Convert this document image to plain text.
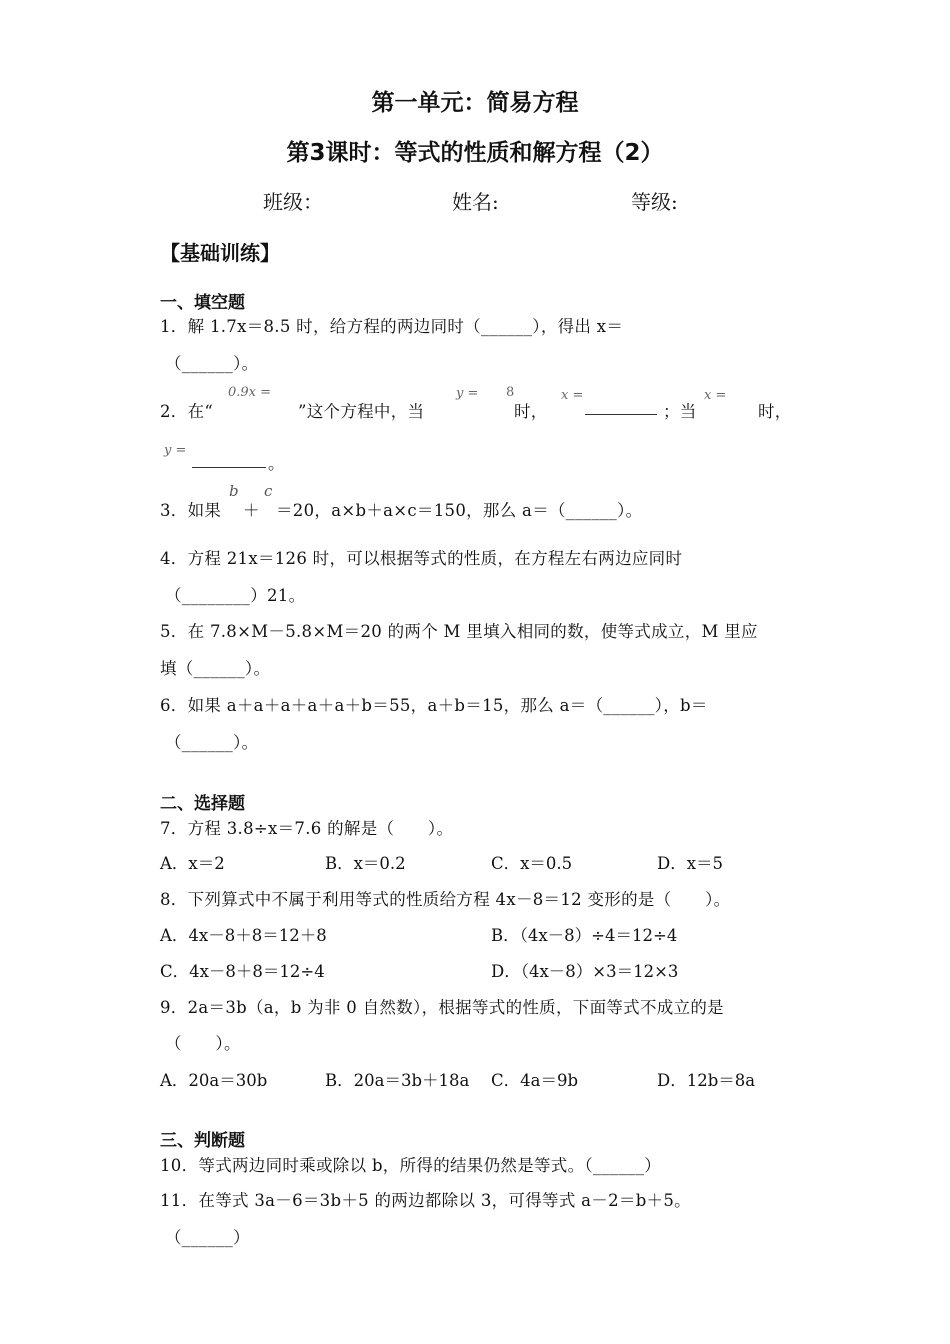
第一单元：简易方程
第3课时：等式的性质和解方程（2）
班级：	姓名:	等级:
【基础训练】
一、填空题
1．解 1.7x＝8.5 时，给方程的两边同时（______），得出 x＝
（______）。
2．在“
0.9x =
”这个方程中，当
y = 8
时，
x =
；当
x =
时，
y =
。
3．如果
b
＋
c
＝20，a×b＋a×c＝150，那么 a＝（______）。
4．方程 21x＝126 时，可以根据等式的性质，在方程左右两边应同时
（________）21。
5．在 7.8×M－5.8×M＝20 的两个 M 里填入相同的数，使等式成立，M 里应
填（______）。
6．如果 a＋a＋a＋a＋a＋b＝55，a＋b＝15，那么 a＝（______），b＝
（______）。
二、选择题
7．方程 3.8÷x＝7.6 的解是（　　）。
A．x＝2	B．x＝0.2	C．x＝0.5	D．x＝5
8．下列算式中不属于利用等式的性质给方程 4x－8＝12 变形的是（　　）。
A．4x－8＋8＝12＋8	B．（4x－8）÷4＝12÷4
C．4x－8＋8＝12÷4	D．（4x－8）×3＝12×3
9．2a＝3b（a，b 为非 0 自然数），根据等式的性质，下面等式不成立的是
（　　）。
A．20a＝30b	B．20a＝3b＋18a C．4a＝9b	D．12b＝8a
三、判断题
10．等式两边同时乘或除以 b，所得的结果仍然是等式。（______）
11．在等式 3a－6＝3b＋5 的两边都除以 3，可得等式 a－2＝b＋5。
（______）
